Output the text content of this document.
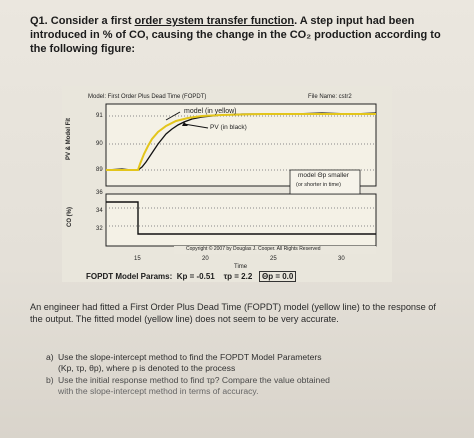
Q1. Consider a first order system transfer function. A step input had been introduced in % of CO, causing the change in the CO₂ production according to the following figure:
Model: First Order Plus Dead Time (FOPDT)	File Name: cstr2
model (in yellow)
PV (in black)
model Θp smaller
(or shorter in time)
PV & Model Fit
CO (%)
91
90
89
36
34
32
Copyright © 2007 by Douglas J. Cooper. All Rights Reserved
15	20	25	30
Time
FOPDT Model Params: Kp = -0.51 τp = 2.2 Θp = 0.0
An engineer had fitted a First Order Plus Dead Time (FOPDT) model (yellow line) to the response of the output. The fitted model (yellow line) does not seem to be very accurate.
a) Use the slope-intercept method to find the FOPDT Model Parameters
(Kp, τp, θp), where p is denoted to the process
b) Use the initial response method to find τp? Compare the value obtained
with the slope-intercept method in terms of accuracy.
